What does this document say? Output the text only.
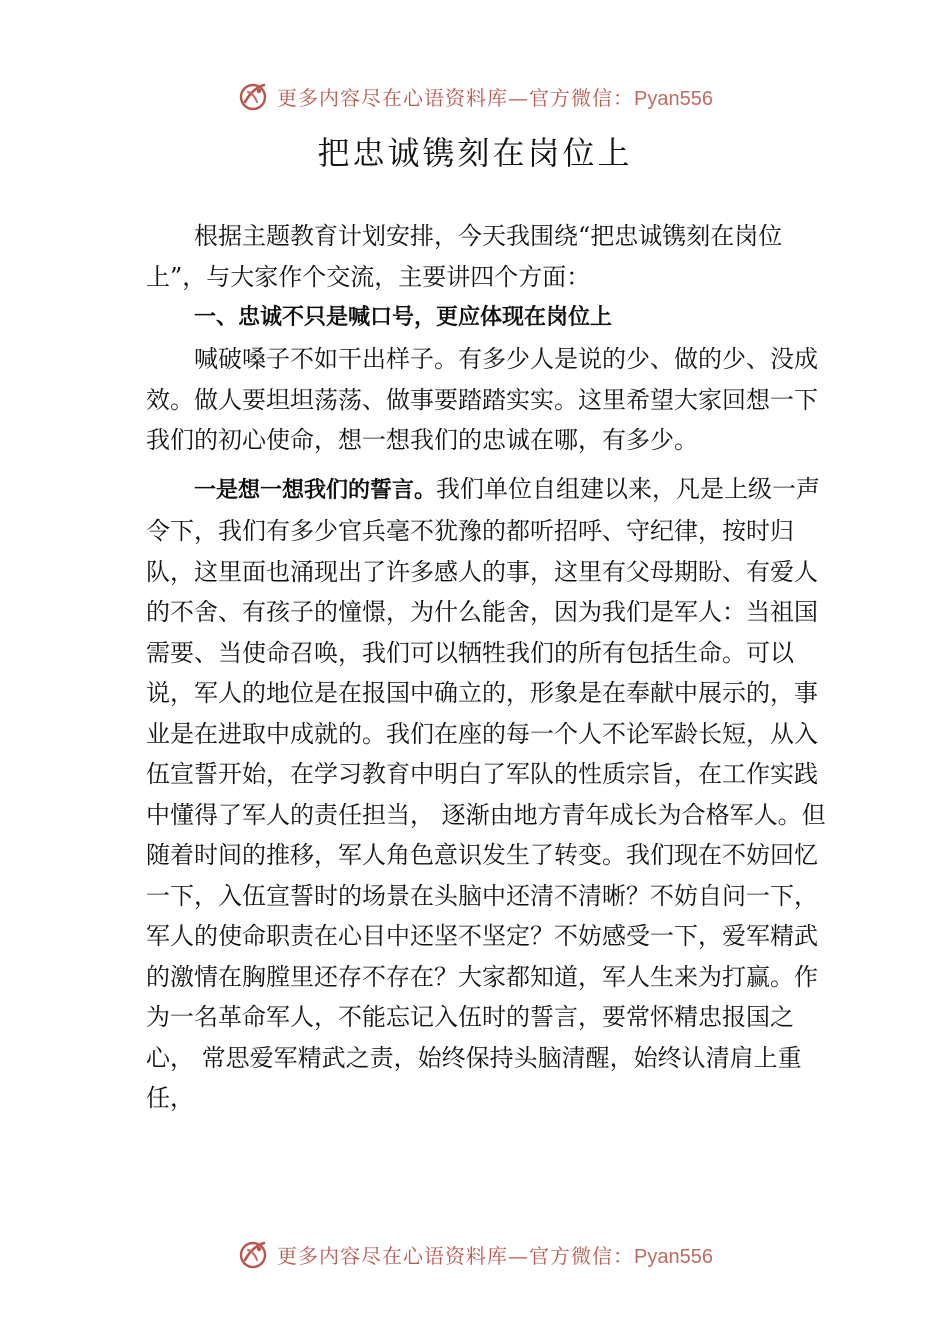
更多内容尽在心语资料库—官方微信：Pyan556
把忠诚镌刻在岗位上

根据主题教育计划安排，今天我围绕“把忠诚镌刻在岗位上”，与大家作个交流，主要讲四个方面：

一、忠诚不只是喊口号，更应体现在岗位上

喊破嗓子不如干出样子。有多少人是说的少、做的少、没成效。做人要坦坦荡荡、做事要踏踏实实。这里希望大家回想一下我们的初心使命，想一想我们的忠诚在哪，有多少。

一是想一想我们的誓言。我们单位自组建以来，凡是上级一声令下，我们有多少官兵毫不犹豫的都听招呼、守纪律，按时归队，这里面也涌现出了许多感人的事，这里有父母期盼、有爱人的不舍、有孩子的憧憬，为什么能舍，因为我们是军人：当祖国需要、当使命召唤，我们可以牺牲我们的所有包括生命。可以说，军人的地位是在报国中确立的，形象是在奉献中展示的，事业是在进取中成就的。我们在座的每一个人不论军龄长短，从入伍宣誓开始，在学习教育中明白了军队的性质宗旨，在工作实践中懂得了军人的责任担当， 逐渐由地方青年成长为合格军人。但随着时间的推移，军人角色意识发生了转变。我们现在不妨回忆一下，入伍宣誓时的场景在头脑中还清不清晰？不妨自问一下，军人的使命职责在心目中还坚不坚定？不妨感受一下，爱军精武的激情在胸膛里还存不存在？大家都知道，军人生来为打赢。作为一名革命军人，不能忘记入伍时的誓言，要常怀精忠报国之心， 常思爱军精武之责，始终保持头脑清醒，始终认清肩上重任，

更多内容尽在心语资料库—官方微信：Pyan556
